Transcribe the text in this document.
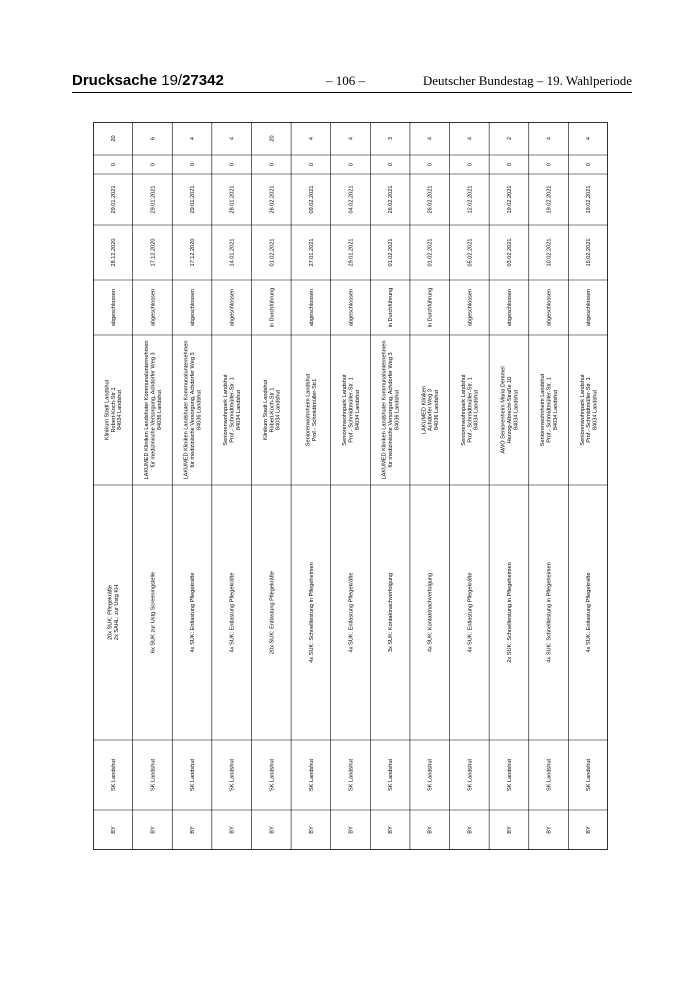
Drucksache 19/27342	– 106 –	Deutscher Bundestag – 19. Wahlperiode
20
0
29.01.2021
28.12.2020
abgeschlossen
Klinikum Stadt LandshutRobert-Koch-Str 184034 Landshut
20x SUK: Pflegekräfte2x SAHL: zur Ustg KH
SK Landshut
BY
6
0
29.01.2021
17.12.2020
abgeschlossen
LAKUMED Kliniken Landshuter Kommunalunternehmenfür medizinische Versorgung, Achdorfer Weg 384036 Landshut
6x SUK zur Ustg Screeningstelle
SK Landshut
BY
4
0
29.01.2021
17.12.2020
abgeschlossen
LAKUMED Kliniken Landshuter Kommunalunternehmenfür medizinische Versorgung, Achdorfer Weg 384036 Landshut
4x SUK: Entlastung Pflegekräfte
SK Landshut
BY
4
0
28.01.2021
14.01.2021
abgeschlossen
Seniorenwohnpark LandshutProf.- Schmidtmüller-Str. 184034 Landshut
4x SUK: Entlastung Pflegekräfte
SK Landshut
BY
20
0
26.02.2021
01.02.2021
in Durchführung
Klinikum Stadt LandshutRobert-Koch-Str 184034 Landshut
20x SUK: Entlastung Pflegekräfte
SK Landshut
BY
4
0
09.02.2021
27.01.2021
abgeschlossen
Seniorenwohnheim LandshutProf.- Schmidtmüller-Str1
4x SUK: Schnelltestung in Pflegeheimen
SK Landshut
BY
4
0
04.02.2021
29.01.2021
abgeschlossen
Seniorenwohnpark LandshutProf.- Schmidtmüller-Str. 184034 Landshut
4x SUK: Entlastung Pflegekräfte
SK Landshut
BY
3
0
26.02.2021
01.02.2021
in Durchführung
LAKUMED Kliniken Landshuter Kommunalunternehmenfür medizinische Versorgung, Achdorfer Weg 384036 Landshut
3x SUK: Kontaktnachverfolgung
SK Landshut
BY
4
0
26.02.2021
01.02.2021
in Durchführung
LAKUMED KlinikenAchdorfer Weg 384036 Landshut
4x SUK: Kontaktnachverfolgung
SK Landshut
BY
4
0
12.02.2021
05.02.2021
abgeschlossen
Seniorenwohnpark LandshutProf.- Schmidtmüller-Str. 184034 Landshut
4x SUK: Entlastung Pflegekräfte
SK Landshut
BY
2
0
19.02.2021
03.02.2021
abgeschlossen
AWO Seniorenheim Maria DemmelHerzog-Albrecht-Straße 1084034 Landshut
2x SUK: Schnelltestung in Pflegeheimen
SK Landshut
BY
4
0
19.02.2021
10.02.2021
abgeschlossen
Seniorenwohnheim LandshutProf.- Schmidtmüller-Str. 184034 Landshut
4x SUK: Schnelltestung in Pflegeheimen
SK Landshut
BY
4
0
19.02.2021
15.02.2021
abgeschlossen
Seniorenwohnpark LandshutProf.- Schmidtmüller-Str. 184034 Landshut
4x SUK: Entlastung Pflegekräfte
SK Landshut
BY
